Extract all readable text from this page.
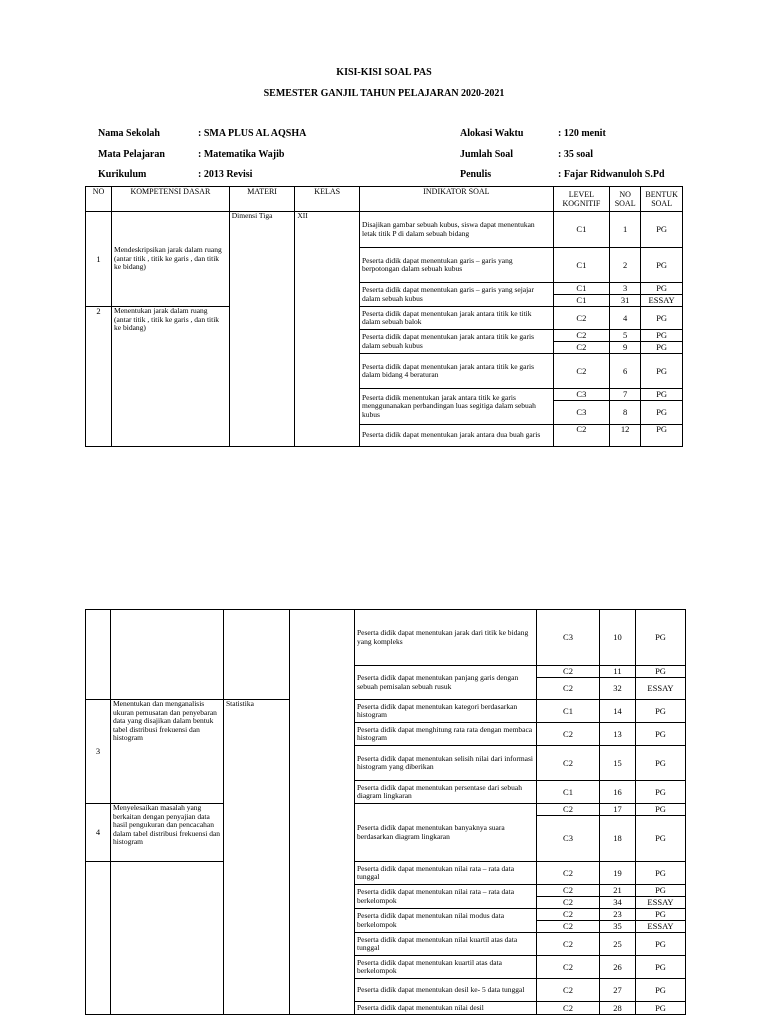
KISI-KISI SOAL PAS
SEMESTER GANJIL TAHUN PELAJARAN 2020-2021
Nama Sekolah	: SMA PLUS AL AQSHA
Mata Pelajaran	: Matematika Wajib
Kurikulum	: 2013 Revisi
Alokasi Waktu	: 120 menit
Jumlah Soal	: 35 soal
Penulis	: Fajar Ridwanuloh S.Pd
NO	KOMPETENSI DASAR	MATERI	KELAS	INDIKATOR SOAL	LEVEL KOGNITIF	NO SOAL	BENTUK SOAL
1	Mendeskripsikan jarak dalam ruang (antar titik , titik ke garis , dan titik ke bidang)	Dimensi Tiga	XII	Disajikan gambar sebuah kubus, siswa dapat menentukan letak titik P di dalam sebuah bidang	C1	1	PG
				Peserta didik dapat menentukan garis – garis yang berpotongan dalam sebuah kubus	C1	2	PG
				Peserta didik dapat menentukan garis – garis yang sejajar dalam sebuah kubus	C1	3	PG
					C1	31	ESSAY
2	Menentukan jarak dalam ruang (antar titik , titik ke garis , dan titik ke bidang)			Peserta didik dapat menentukan jarak antara titik ke titik dalam sebuah balok	C2	4	PG
				Peserta didik dapat menentukan jarak antara titik ke garis dalam sebuah kubus	C2	5	PG
					C2	9	PG
				Peserta didik dapat menentukan jarak antara titik ke garis dalam bidang 4 beraturan	C2	6	PG
				Peserta didik menentukan jarak antara titik ke garis menggunanakan perbandingan luas segitiga dalam sebuah kubus	C3	7	PG
					C3	8	PG
				Peserta didik dapat menentukan jarak antara dua buah garis	C2	12	PG
				Peserta didik dapat menentukan jarak dari titik ke bidang yang kompleks	C3	10	PG
				Peserta didik dapat menentukan panjang garis dengan sebuah pemisalan sebuah rusuk	C2	11	PG
					C2	32	ESSAY
3	Menentukan dan menganalisis ukuran pemusatan dan penyebaran data yang disajikan dalam bentuk tabel distribusi frekuensi dan histogram	Statistika		Peserta didik dapat menentukan kategori berdasarkan histogram	C1	14	PG
				Peserta didik dapat menghitung rata rata dengan membaca histogram	C2	13	PG
				Peserta didik dapat menentukan selisih nilai dari informasi histogram yang diberikan	C2	15	PG
				Peserta didik dapat menentukan persentase dari sebuah diagram lingkaran	C1	16	PG
4	Menyelesaikan masalah yang berkaitan dengan penyajian data hasil pengukuran dan pencacahan dalam tabel distribusi frekuensi dan histogram			Peserta didik dapat menentukan banyaknya suara berdasarkan diagram lingkaran	C2	17	PG
					C3	18	PG
				Peserta didik dapat menentukan nilai rata – rata data tunggal	C2	19	PG
				Peserta didik dapat menentukan nilai rata – rata data berkelompok	C2	21	PG
					C2	34	ESSAY
				Peserta didik dapat menentukan nilai modus data berkelompok	C2	23	PG
					C2	35	ESSAY
				Peserta didik dapat menentukan nilai kuartil atas data tunggal	C2	25	PG
				Peserta didik dapat menentukan kuartil atas data berkelompok	C2	26	PG
				Peserta didik dapat menentukan desil ke- 5 data tunggal	C2	27	PG
				Peserta didik dapat menentukan nilai desil	C2	28	PG
